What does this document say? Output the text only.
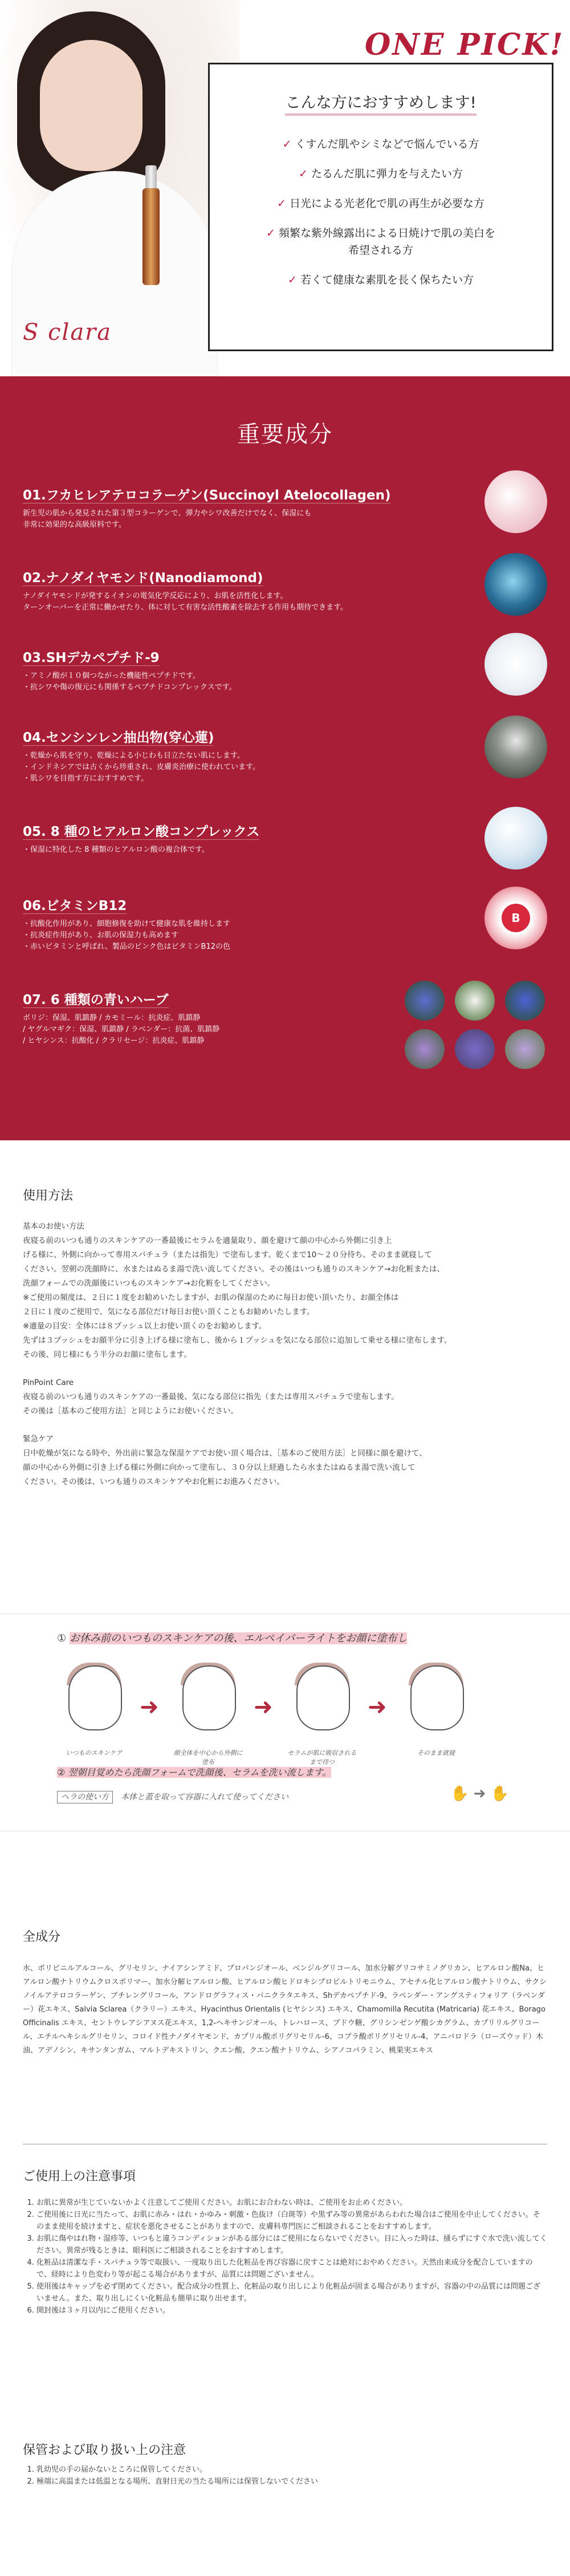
S clara
ONE PICK!
こんな方におすすめします!
✓ くすんだ肌やシミなどで悩んでいる方
✓ たるんだ肌に弾力を与えたい方
✓ 日光による光老化で肌の再生が必要な方
✓ 頻繁な紫外線露出による日焼けで肌の美白を
希望される方
✓ 若くて健康な素肌を長く保ちたい方
重要成分
01.フカヒレアテロコラーゲン(Succinoyl Atelocollagen)
新生児の肌から発見された第３型コラーゲンで、弾力やシワ改善だけでなく、保湿にも
非常に効果的な高級原料です。
02.ナノダイヤモンド(Nanodiamond)
ナノダイヤモンドが発するイオンの電気化学反応により、お肌を活性化します。
ターンオーバーを正常に働かせたり、体に対して有害な活性酸素を除去する作用も期待できます。
03.SHデカペプチド-9
・アミノ酸が１０個つながった機能性ペプチドです。
・抗シワや傷の復元にも関係するペプチドコンプレックスです。
04.センシンレン抽出物(穿心蓮)
・乾燥から肌を守り、乾燥による小じわも目立たない肌にします。
・インドネシアでは古くから珍重され、皮膚炎治療に使われています。
・肌シワを目指す方におすすめです。
05. 8 種のヒアルロン酸コンプレックス
・保湿に特化した 8 種類のヒアルロン酸の複合体です。
06.ビタミンB12
・抗酸化作用があり、細胞修復を助けて健康な肌を維持します
・抗炎症作用があり、お肌の保湿力も高めます
・赤いビタミンと呼ばれ、製品のピンク色はビタミンB12の色
B
07. 6 種類の青いハーブ
ボリジ：保湿、肌鎮静 / カモミール：抗炎症、肌鎮静
/ ヤグルマギク：保湿、肌鎮静 / ラベンダー：抗菌、肌鎮静
/ ヒヤシンス：抗酸化 / クラリセージ：抗炎症、肌鎮静
使用方法

基本のお使い方法

夜寝る前のいつも通りのスキンケアの一番最後にセラムを適量取り、顔を避けて顔の中心から外側に引き上

げる様に、外側に向かって専用スパチュラ（または指先）で塗布します。乾くまで10〜２０分待ち、そのまま就寝して

ください。翌朝の洗顔時に、水またはぬるま湯で洗い流してください。その後はいつも通りのスキンケア→お化粧または、

洗顔フォームでの洗顔後にいつものスキンケア→お化粧をしてください。

※ご使用の頻度は、２日に１度をお勧めいたしますが、お肌の保湿のために毎日お使い頂いたり、お顔全体は

２日に１度のご使用で、気になる部位だけ毎日お使い頂くこともお勧めいたします。

※適量の目安：全体には８プッシュ以上お使い頂くのをお勧めします。

先ずは３プッシュをお顔半分に引き上げる様に塗布し、後から１プッシュを気になる部位に追加して乗せる様に塗布します。

その後、同じ様にもう半分のお顔に塗布します。

PinPoint Care

夜寝る前のいつも通りのスキンケアの一番最後、気になる部位に指先（または専用スパチュラで塗布します。

その後は［基本のご使用方法］と同じようにお使いください。

緊急ケア

日中乾燥が気になる時や、外出前に緊急な保湿ケアでお使い頂く場合は、［基本のご使用方法］と同様に顔を避けて、

顔の中心から外側に引き上げる様に外側に向かって塗布し、３０分以上経過したら水またはぬるま湯で洗い流して

ください。その後は、いつも通りのスキンケアやお化粧にお進みください。

① お休み前のいつものスキンケアの後、エルペイパーライトをお顔に塗布し
いつものスキンケア
➜
顔全体を中心から外側に塗布
➜
セラムが肌に吸収されるまで待つ
➜
そのまま就寝
② 翌朝目覚めたら洗顔フォームで洗顔後、セラムを洗い流します。
ヘラの使い方 本体と蓋を取って容器に入れて使ってください	✋ ➜ ✋
全成分

水、ポリピニルアルコール、グリセリン、ナイアシンアミド、プロパンジオール、ベンジルグリコール、加水分解グリコサミノグリカン、ヒアルロン酸Na、ヒアルロン酸ナトリウムクロスポリマー、加水分解ヒアルロン酸、ヒアルロン酸ヒドロキシプロピルトリモニウム、アセチル化ヒアルロン酸ナトリウム、サクシノイルアテロコラーゲン、ブチレングリコール、アンドログラフィス・パニクラタエキス、Shデカペプチド-9、ラベンダー・アングスティフォリア（ラベンダー）花エキス、Salvia Sclarea（クラリー）エキス、Hyacinthus Orientalis (ヒヤシンス) エキス、Chamomilla Recutita (Matricaria) 花エキス、Borago Officinalis エキス、セントウレアシアヌス花エキス、1,2-ヘキサンジオール、トレハロース、ブドウ糖、グリシンゼンゲ酸シカグラム、カプリリルグリコール、エチルヘキシルグリセリン、コロイド性ナノダイヤモンド、カプリル酸ポリグリセリル-6、コブラ酸ポリグリセリル-4、アニバロドラ（ローズウッド）木油、アデノシン、キサンタンガム、マルトデキストリン、クエン酸、クエン酸ナトリウム、シアノコバラミン、桃果実エキス

ご使用上の注意事項
1. お肌に異常が生じていないかよく注意してご使用ください。お肌にお合わない時は、ご使用をお止めください。
2. ご使用後に日光に当たって、お肌に赤み・はれ・かゆみ・刺激・色抜け（白斑等）や黒ずみ等の異常があらわれた場合はご使用を中止してください。そのまま使用を続けますと、症状を悪化させることがありますので、皮膚科専門医にご相談されることをおすすめします。
3. お肌に傷やはれ物・湿疹等、いつもと違うコンディションがある部分にはご使用にならないでください。目に入った時は、掻らずにすぐ水で洗い流してください。異常が残るときは、眼科医にご相談されることをおすすめします。
4. 化粧品は清潔な手・スパチュラ等で取扱い、一度取り出した化粧品を再び容器に戻すことは絶対におやめください。天然由来成分を配合していますので、経時により色変わり等が起こる場合がありますが、品質には問題ございません。
5. 使用後はキャップを必ず閉めてください。配合成分の性質上、化粧品の取り出しにより化粧品が固まる場合がありますが、容器の中の品質には問題ございません。また、取り出しにくい化粧品も簡単に取り出せます。
6. 開封後は３ヶ月以内にご使用ください。
保管および取り扱い上の注意
1. 乳幼児の手の届かないところに保管してください。
2. 極端に高温または低温となる場所、直射日光の当たる場所には保管しないでください
